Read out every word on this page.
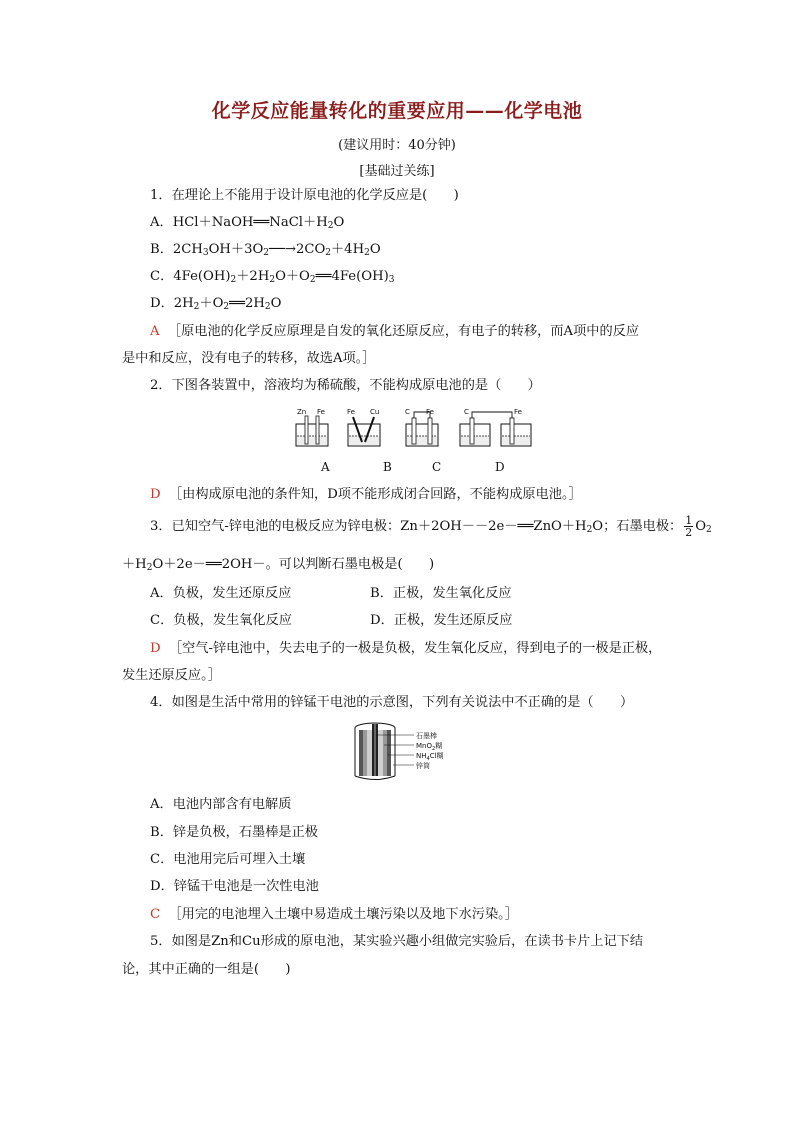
化学反应能量转化的重要应用——化学电池
(建议用时：40分钟)
[基础过关练]
1．在理论上不能用于设计原电池的化学反应是(　　)
A．$HCl+NaOH══NaCl+H_2O$
B．$2CH_3OH+3O_2──\to 2CO_2+4H_2O$
C．$4Fe(OH)_2+2H_2O+O_2══4Fe(OH)_3$
D．$2H_2+O_2══2H_2O$
A ［原电池的化学反应原理是自发的氧化还原反应，有电子的转移，而A项中的反应
是中和反应，没有电子的转移，故选A项。］
2．下图各装置中，溶液均为稀硫酸，不能构成原电池的是（　　）
Zn Fe	Fe Cu	C Fe	C	Fe
A	B	C	D
D ［由构成原电池的条件知，D项不能形成闭合回路，不能构成原电池。］
3．已知空气-锌电池的电极反应为锌电极：$Zn+2OH--2e-══ZnO+H_2O$；石墨电极： $\frac{1}{2} O_2$
$+H_2O+2e-══2OH-$。可以判断石墨电极是(　　)
A．负极，发生还原反应	B．正极，发生氧化反应
C．负极，发生氧化反应	D．正极，发生还原反应
D ［空气-锌电池中，失去电子的一极是负极，发生氧化反应，得到电子的一极是正极，
发生还原反应。］
4．如图是生活中常用的锌锰干电池的示意图，下列有关说法中不正确的是（　　）
石墨棒
MnO$_2$糊
$NH_4Cl$糊
锌筒
A．电池内部含有电解质
B．锌是负极，石墨棒是正极
C．电池用完后可埋入土壤
D．锌锰干电池是一次性电池
C ［用完的电池埋入土壤中易造成土壤污染以及地下水污染。］
5．如图是Zn和Cu形成的原电池，某实验兴趣小组做完实验后，在读书卡片上记下结
论，其中正确的一组是(　　)
